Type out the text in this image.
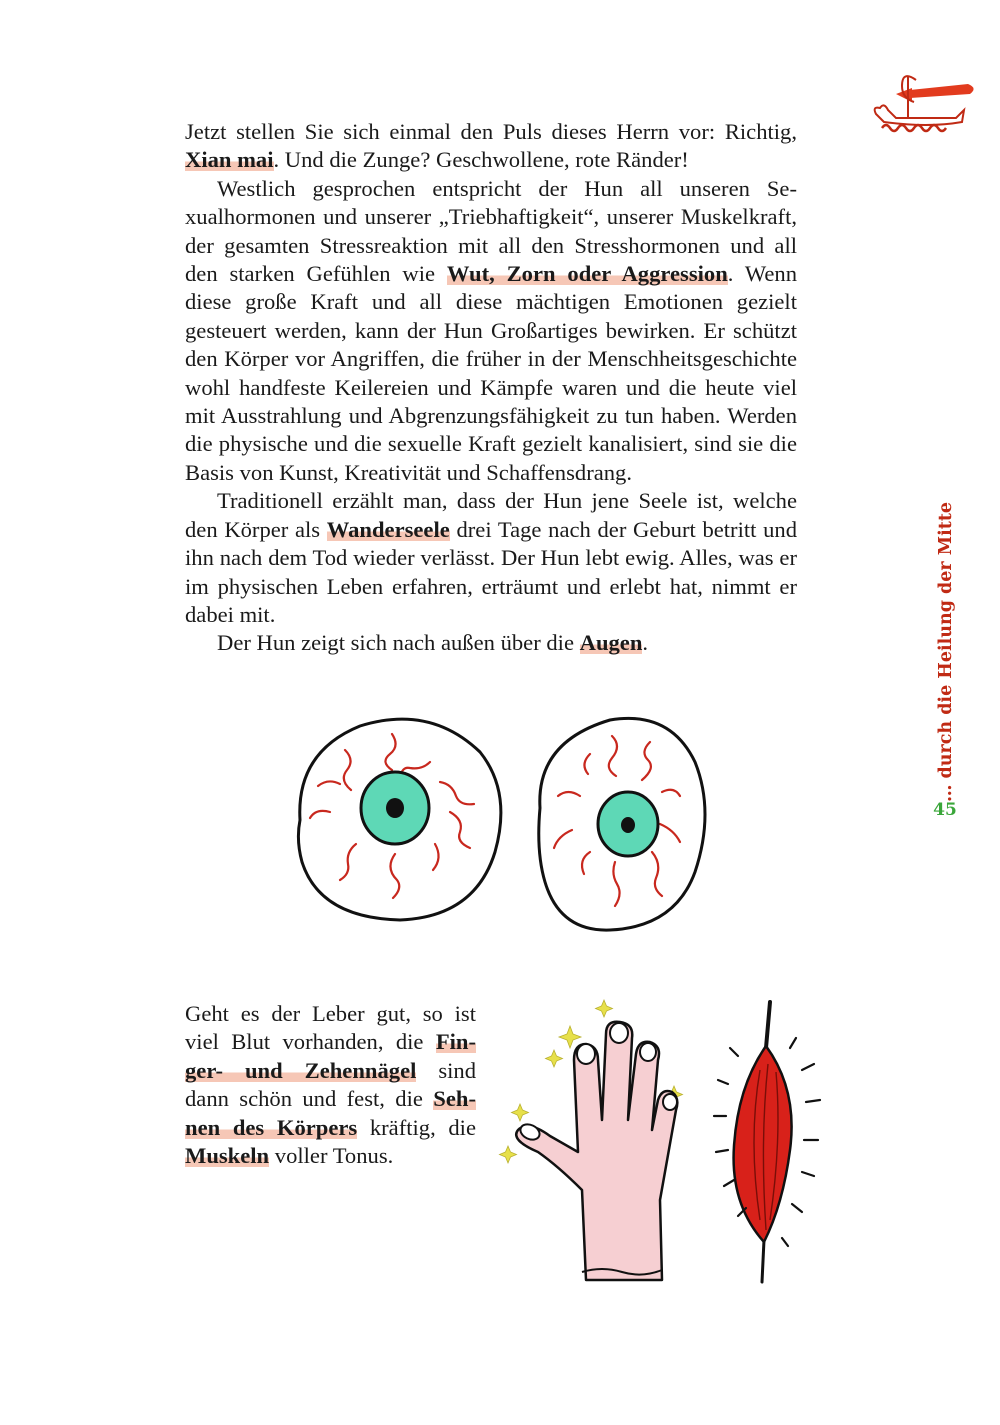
Jetzt stellen Sie sich einmal den Puls dieses Herrn vor: Richtig, Xian mai. Und die Zunge? Geschwollene, rote Ränder!

Westlich gesprochen entspricht der Hun all unseren Sexualhormonen und unserer „Triebhaftigkeit“, unserer Muskelkraft, der gesamten Stressreaktion mit all den Stresshormonen und all den starken Gefühlen wie Wut, Zorn oder Aggression. Wenn diese große Kraft und all diese mächtigen Emotionen gezielt gesteuert werden, kann der Hun Großartiges bewirken. Er schützt den Körper vor Angriffen, die früher in der Menschheitsgeschichte wohl handfeste Keilereien und Kämpfe waren und die heute viel mit Ausstrahlung und Abgrenzungsfähigkeit zu tun haben. Werden die physische und die sexuelle Kraft gezielt kanalisiert, sind sie die Basis von Kunst, Kreativität und Schaffensdrang.

Traditionell erzählt man, dass der Hun jene Seele ist, welche den Körper als Wanderseele drei Tage nach der Geburt betritt und ihn nach dem Tod wieder verlässt. Der Hun lebt ewig. Alles, was er im physischen Leben erfahren, erträumt und erlebt hat, nimmt er dabei mit.

Der Hun zeigt sich nach außen über die Augen.

Geht es der Leber gut, so ist viel Blut vorhanden, die Finger- und Zehennägel sind dann schön und fest, die Sehnen des Körpers kräftig, die Muskeln voller Tonus.

… durch die Heilung der Mitte
45
